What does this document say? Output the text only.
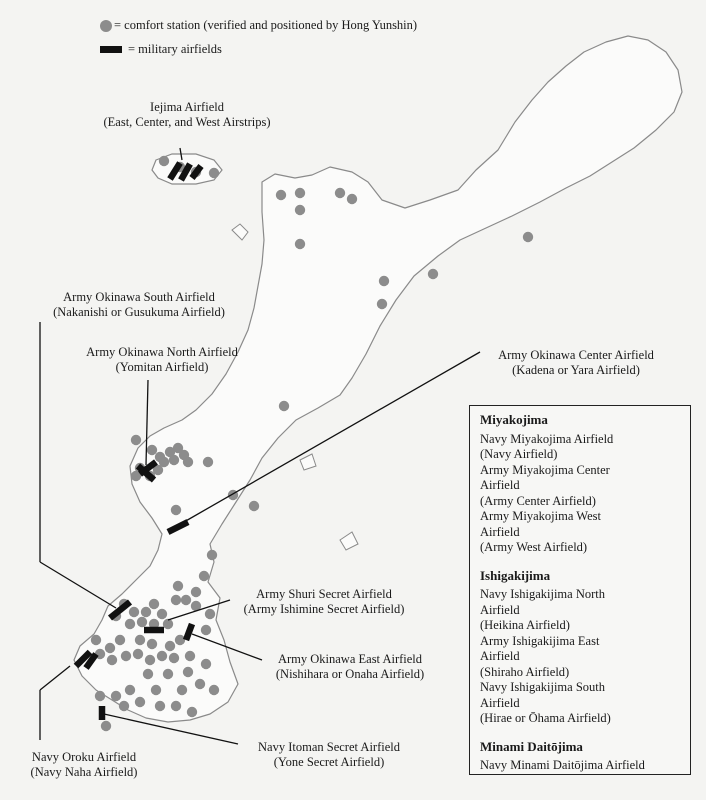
= comfort station (verified and positioned by Hong Yunshin)
= military airfields
Iejima Airfield
(East, Center, and West Airstrips)
Army Okinawa South Airfield
(Nakanishi or Gusukuma Airfield)
Army Okinawa North Airfield
(Yomitan Airfield)
Army Okinawa Center Airfield
(Kadena or Yara Airfield)
Army Shuri Secret Airfield
(Army Ishimine Secret Airfield)
Army Okinawa East Airfield
(Nishihara or Onaha Airfield)
Navy Itoman Secret Airfield
(Yone Secret Airfield)
Navy Oroku Airfield
(Navy Naha Airfield)
Miyakojima
Navy Miyakojima Airfield
(Navy Airfield)
Army Miyakojima Center
Airfield
(Army Center Airfield)
Army Miyakojima West
Airfield
(Army West Airfield)
Ishigakijima
Navy Ishigakijima North
Airfield
(Heikina Airfield)
Army Ishigakijima East
Airfield
(Shiraho Airfield)
Navy Ishigakijima South
Airfield
(Hirae or Ōhama Airfield)
Minami Daitōjima
Navy Minami Daitōjima Airfield
